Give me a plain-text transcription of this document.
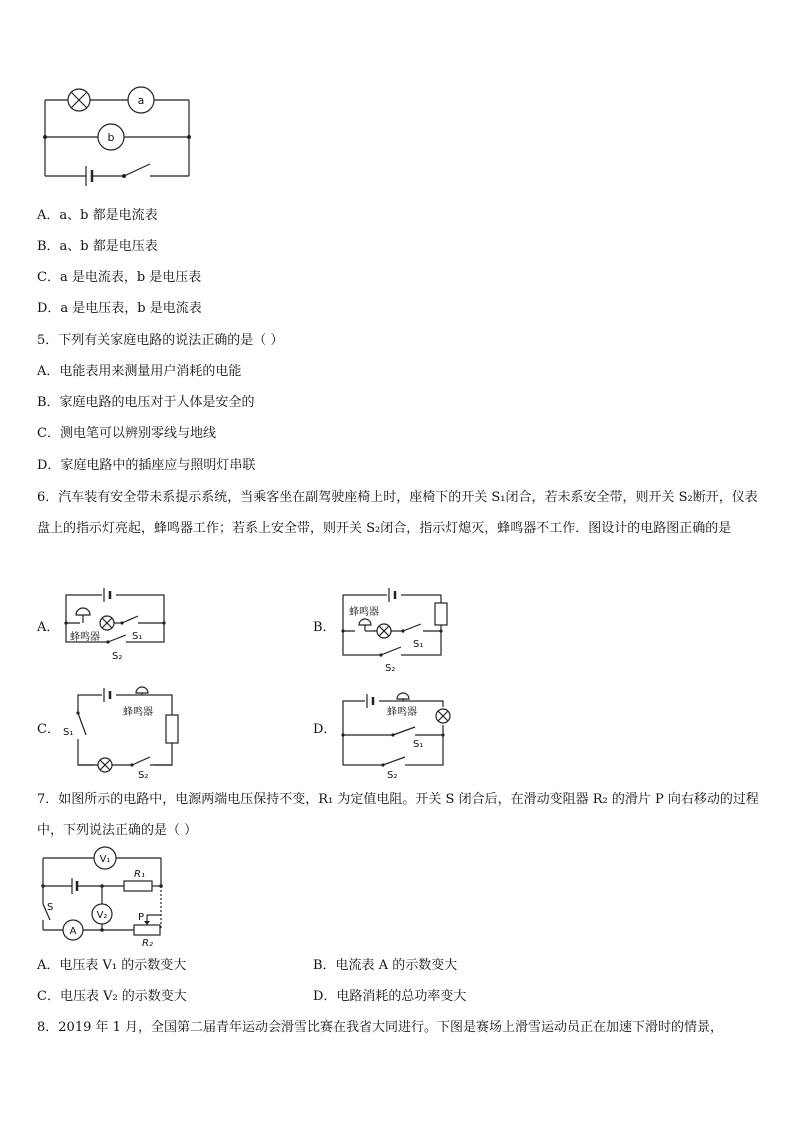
a
b
A．a、b 都是电流表
B．a、b 都是电压表
C．a 是电流表，b 是电压表
D．a 是电压表，b 是电流表
5．下列有关家庭电路的说法正确的是（ ）
A．电能表用来测量用户消耗的电能
B．家庭电路的电压对于人体是安全的
C．测电笔可以辨别零线与地线
D．家庭电路中的插座应与照明灯串联
6．汽车装有安全带未系提示系统，当乘客坐在副驾驶座椅上时，座椅下的开关 S₁闭合，若未系安全带，则开关 S₂断开，仪表盘上的指示灯亮起，蜂鸣器工作；若系上安全带，则开关 S₂闭合，指示灯熄灭，蜂鸣器不工作．图设计的电路图正确的是
A．	B．
C．	D．
蜂鸣器	S₁
S₂
蜂鸣器
S₁
S₂
蜂鸣器
S₁
S₂
蜂鸣器
S₁
S₂
7．如图所示的电路中，电源两端电压保持不变，R₁ 为定值电阻。开关 S 闭合后，在滑动变阻器 R₂ 的滑片 P 向右移动的过程中，下列说法正确的是（ ）
V₁
R₁
S
V₂
A
R₂
P
A．电压表 V₁ 的示数变大	B．电流表 A 的示数变大
C．电压表 V₂ 的示数变大	D．电路消耗的总功率变大
8．2019 年 1 月，全国第二届青年运动会滑雪比赛在我省大同进行。下图是赛场上滑雪运动员正在加速下滑时的情景，
